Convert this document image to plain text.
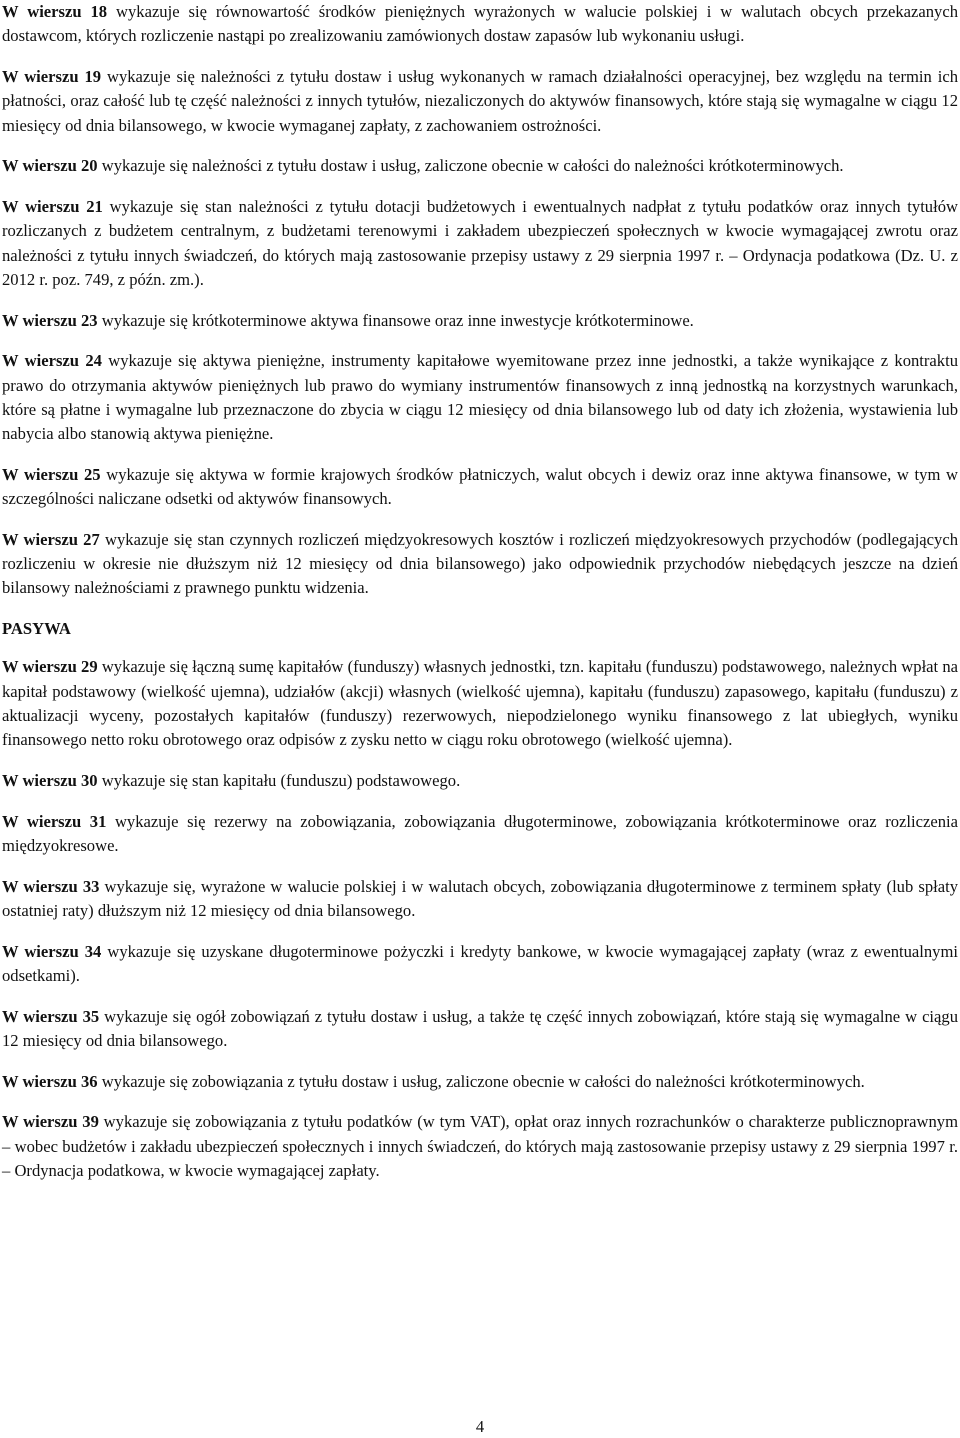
W wierszu 18 wykazuje się równowartość środków pieniężnych wyrażonych w walucie polskiej i w walutach obcych przekazanych dostawcom, których rozliczenie nastąpi po zrealizowaniu zamówionych dostaw zapasów lub wykonaniu usługi.

W wierszu 19 wykazuje się należności z tytułu dostaw i usług wykonanych w ramach działalności operacyjnej, bez względu na termin ich płatności, oraz całość lub tę część należności z innych tytułów, niezaliczonych do aktywów finansowych, które stają się wymagalne w ciągu 12 miesięcy od dnia bilansowego, w kwocie wymaganej zapłaty, z zachowaniem ostrożności.

W wierszu 20 wykazuje się należności z tytułu dostaw i usług, zaliczone obecnie w całości do należności krótkoterminowych.

W wierszu 21 wykazuje się stan należności z tytułu dotacji budżetowych i ewentualnych nadpłat z tytułu podatków oraz innych tytułów rozliczanych z budżetem centralnym, z budżetami terenowymi i zakładem ubezpieczeń społecznych w kwocie wymagającej zwrotu oraz należności z tytułu innych świadczeń, do których mają zastosowanie przepisy ustawy z 29 sierpnia 1997 r. – Ordynacja podatkowa (Dz. U. z 2012 r. poz. 749, z późn. zm.).

W wierszu 23 wykazuje się krótkoterminowe aktywa finansowe oraz inne inwestycje krótkoterminowe.

W wierszu 24 wykazuje się aktywa pieniężne, instrumenty kapitałowe wyemitowane przez inne jednostki, a także wynikające z kontraktu prawo do otrzymania aktywów pieniężnych lub prawo do wymiany instrumentów finansowych z inną jednostką na korzystnych warunkach, które są płatne i wymagalne lub przeznaczone do zbycia w ciągu 12 miesięcy od dnia bilansowego lub od daty ich złożenia, wystawienia lub nabycia albo stanowią aktywa pieniężne.

W wierszu 25 wykazuje się aktywa w formie krajowych środków płatniczych, walut obcych i dewiz oraz inne aktywa finansowe, w tym w szczególności naliczane odsetki od aktywów finansowych.

W wierszu 27 wykazuje się stan czynnych rozliczeń międzyokresowych kosztów i rozliczeń międzyokresowych przychodów (podlegających rozliczeniu w okresie nie dłuższym niż 12 miesięcy od dnia bilansowego) jako odpowiednik przychodów niebędących jeszcze na dzień bilansowy należnościami z prawnego punktu widzenia.

PASYWA

W wierszu 29 wykazuje się łączną sumę kapitałów (funduszy) własnych jednostki, tzn. kapitału (funduszu) podstawowego, należnych wpłat na kapitał podstawowy (wielkość ujemna), udziałów (akcji) własnych (wielkość ujemna), kapitału (funduszu) zapasowego, kapitału (funduszu) z aktualizacji wyceny, pozostałych kapitałów (funduszy) rezerwowych, niepodzielonego wyniku finansowego z lat ubiegłych, wyniku finansowego netto roku obrotowego oraz odpisów z zysku netto w ciągu roku obrotowego (wielkość ujemna).

W wierszu 30 wykazuje się stan kapitału (funduszu) podstawowego.

W wierszu 31 wykazuje się rezerwy na zobowiązania, zobowiązania długoterminowe, zobowiązania krótkoterminowe oraz rozliczenia międzyokresowe.

W wierszu 33 wykazuje się, wyrażone w walucie polskiej i w walutach obcych, zobowiązania długoterminowe z terminem spłaty (lub spłaty ostatniej raty) dłuższym niż 12 miesięcy od dnia bilansowego.

W wierszu 34 wykazuje się uzyskane długoterminowe pożyczki i kredyty bankowe, w kwocie wymagającej zapłaty (wraz z ewentualnymi odsetkami).

W wierszu 35 wykazuje się ogół zobowiązań z tytułu dostaw i usług, a także tę część innych zobowiązań, które stają się wymagalne w ciągu 12 miesięcy od dnia bilansowego.

W wierszu 36 wykazuje się zobowiązania z tytułu dostaw i usług, zaliczone obecnie w całości do należności krótkoterminowych.

W wierszu 39 wykazuje się zobowiązania z tytułu podatków (w tym VAT), opłat oraz innych rozrachunków o charakterze publicznoprawnym – wobec budżetów i zakładu ubezpieczeń społecznych i innych świadczeń, do których mają zastosowanie przepisy ustawy z 29 sierpnia 1997 r. – Ordynacja podatkowa, w kwocie wymagającej zapłaty.

4
